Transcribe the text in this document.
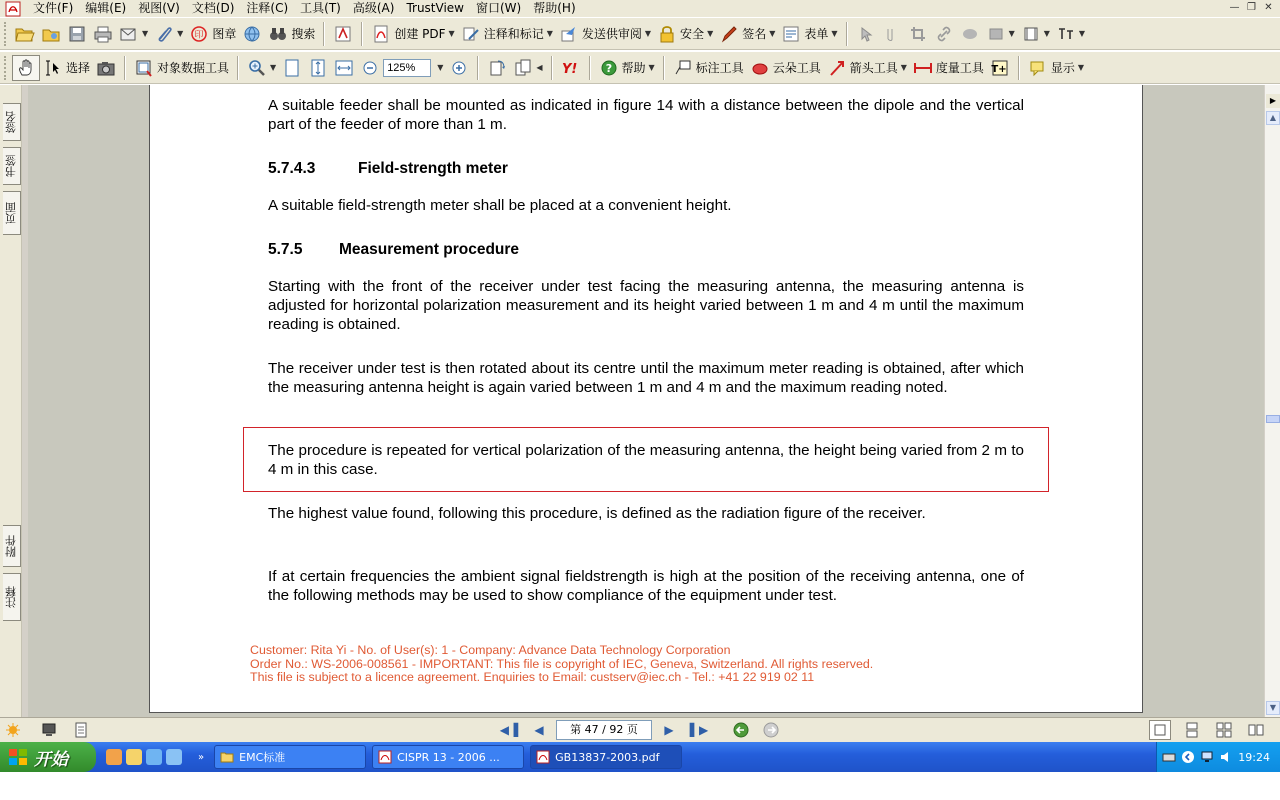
文件(F)	编辑(E)	视图(V)	文档(D)	注释(C)	工具(T)	高级(A)	TrustView	窗口(W)	帮助(H)	— ❐ ✕
▼	▼ 印 图章	搜索	创建 PDF ▼ 注释和标记 ▼ 发送供审阅 ▼ 安全 ▼ 签名 ▼ 表单 ▼	▼	▼	▼
选择	对象数据工具	▼
125%	▼	◀ Y!	? 帮助 ▼	标注工具 云朵工具 箭头工具 ▼ 度量工具 T+	显示 ▼
签名
书签
页面
附件
注释

A suitable feeder shall be mounted as indicated in figure 14 with a distance between the dipole and the vertical part of the feeder of more than 1 m.

5.7.4.3	Field-strength meter

A suitable field-strength meter shall be placed at a convenient height.

5.7.5	Measurement procedure

Starting with the front of the receiver under test facing the measuring antenna, the measuring antenna is adjusted for horizontal polarization measurement and its height varied between 1 m and 4 m until the maximum reading is obtained.

The receiver under test is then rotated about its centre until the maximum meter reading is obtained, after which the measuring antenna height is again varied between 1 m and 4 m and the maximum reading noted.

The procedure is repeated for vertical polarization of the measuring antenna, the height being varied from 2 m to 4 m in this case.

The highest value found, following this procedure, is defined as the radiation figure of the receiver.

If at certain frequencies the ambient signal fieldstrength is high at the position of the receiving antenna, one of the following methods may be used to show compliance of the equipment under test.

Customer: Rita Yi - No. of User(s): 1 - Company: Advance Data Technology Corporation
Order No.: WS-2006-008561 - IMPORTANT: This file is copyright of IEC, Geneva, Switzerland. All rights reserved.
This file is subject to a licence agreement. Enquiries to Email: custserv@iec.ch - Tel.: +41 22 919 02 11
▶
▲
▼
◀▐	◀	第 47 / 92 页	▶	▌▶
开始	»	EMC标准	CISPR 13 - 2006 ...	GB13837-2003.pdf	19:24
